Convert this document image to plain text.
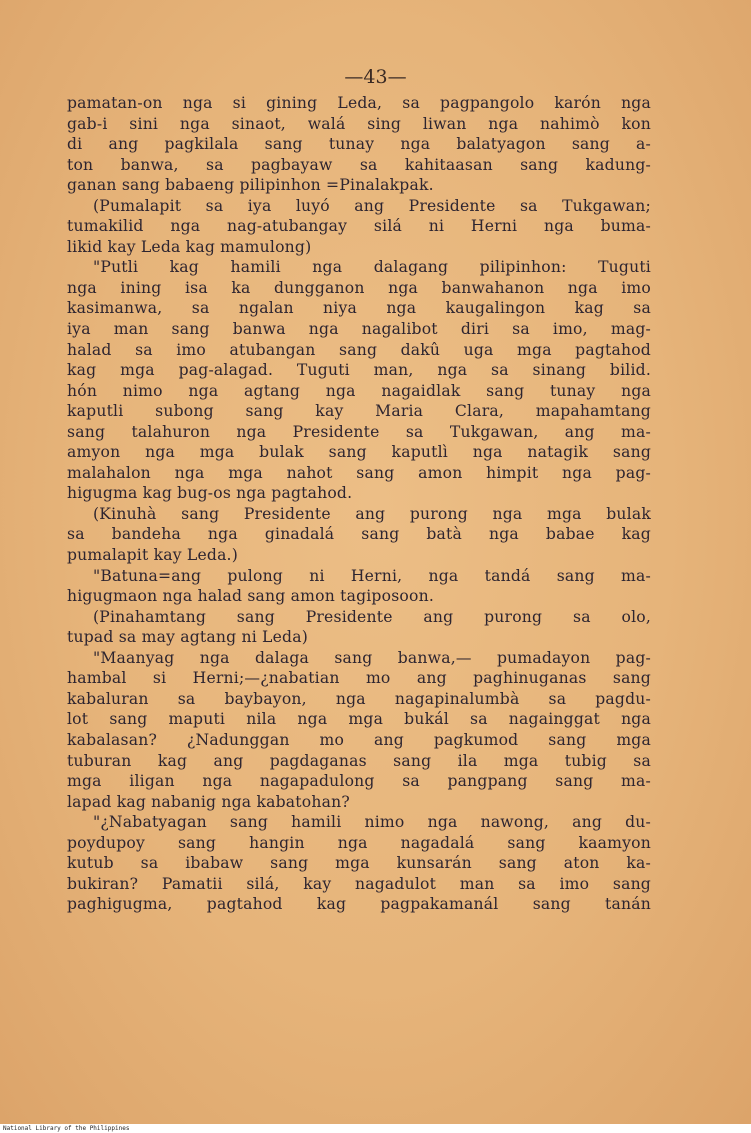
—43—
pamatan-on nga si gining Leda, sa pagpangolo karón nga
gab-i sini nga sinaot, walá sing liwan nga nahimò kon
di ang pagkilala sang tunay nga balatyagon sang a-
ton banwa, sa pagbayaw sa kahitaasan sang kadung-
ganan sang babaeng pilipinhon =Pinalakpak.
(Pumalapit sa iya luyó ang Presidente sa Tukgawan;
tumakilid nga nag-atubangay silá ni Herni nga buma-
likid kay Leda kag mamulong)
"Putli kag hamili nga dalagang pilipinhon: Tuguti
nga ining isa ka dungganon nga banwahanon nga imo
kasimanwa, sa ngalan niya nga kaugalingon kag sa
iya man sang banwa nga nagalibot diri sa imo, mag-
halad sa imo atubangan sang dakû uga mga pagtahod
kag mga pag-alagad. Tuguti man, nga sa sinang bilid.
hón nimo nga agtang nga nagaidlak sang tunay nga
kaputli subong sang kay Maria Clara, mapahamtang
sang talahuron nga Presidente sa Tukgawan, ang ma-
amyon nga mga bulak sang kaputlì nga natagik sang
malahalon nga mga nahot sang amon himpit nga pag-
higugma kag bug-os nga pagtahod.
(Kinuhà sang Presidente ang purong nga mga bulak
sa bandeha nga ginadalá sang batà nga babae kag
pumalapit kay Leda.)
"Batuna=ang pulong ni Herni, nga tandá sang ma-
higugmaon nga halad sang amon tagiposoon.
(Pinahamtang sang Presidente ang purong sa olo,
tupad sa may agtang ni Leda)
"Maanyag nga dalaga sang banwa,— pumadayon pag-
hambal si Herni;—¿nabatian mo ang paghinuganas sang
kabaluran sa baybayon, nga nagapinalumbà sa pagdu-
lot sang maputi nila nga mga bukál sa nagainggat nga
kabalasan? ¿Nadunggan mo ang pagkumod sang mga
tuburan kag ang pagdaganas sang ila mga tubig sa
mga iligan nga nagapadulong sa pangpang sang ma-
lapad kag nabanig nga kabatohan?
"¿Nabatyagan sang hamili nimo nga nawong, ang du-
poydupoy sang hangin nga nagadalá sang kaamyon
kutub sa ibabaw sang mga kunsarán sang aton ka-
bukiran? Pamatii silá, kay nagadulot man sa imo sang
paghigugma, pagtahod kag pagpakamanál sang tanán
National Library of the Philippines
